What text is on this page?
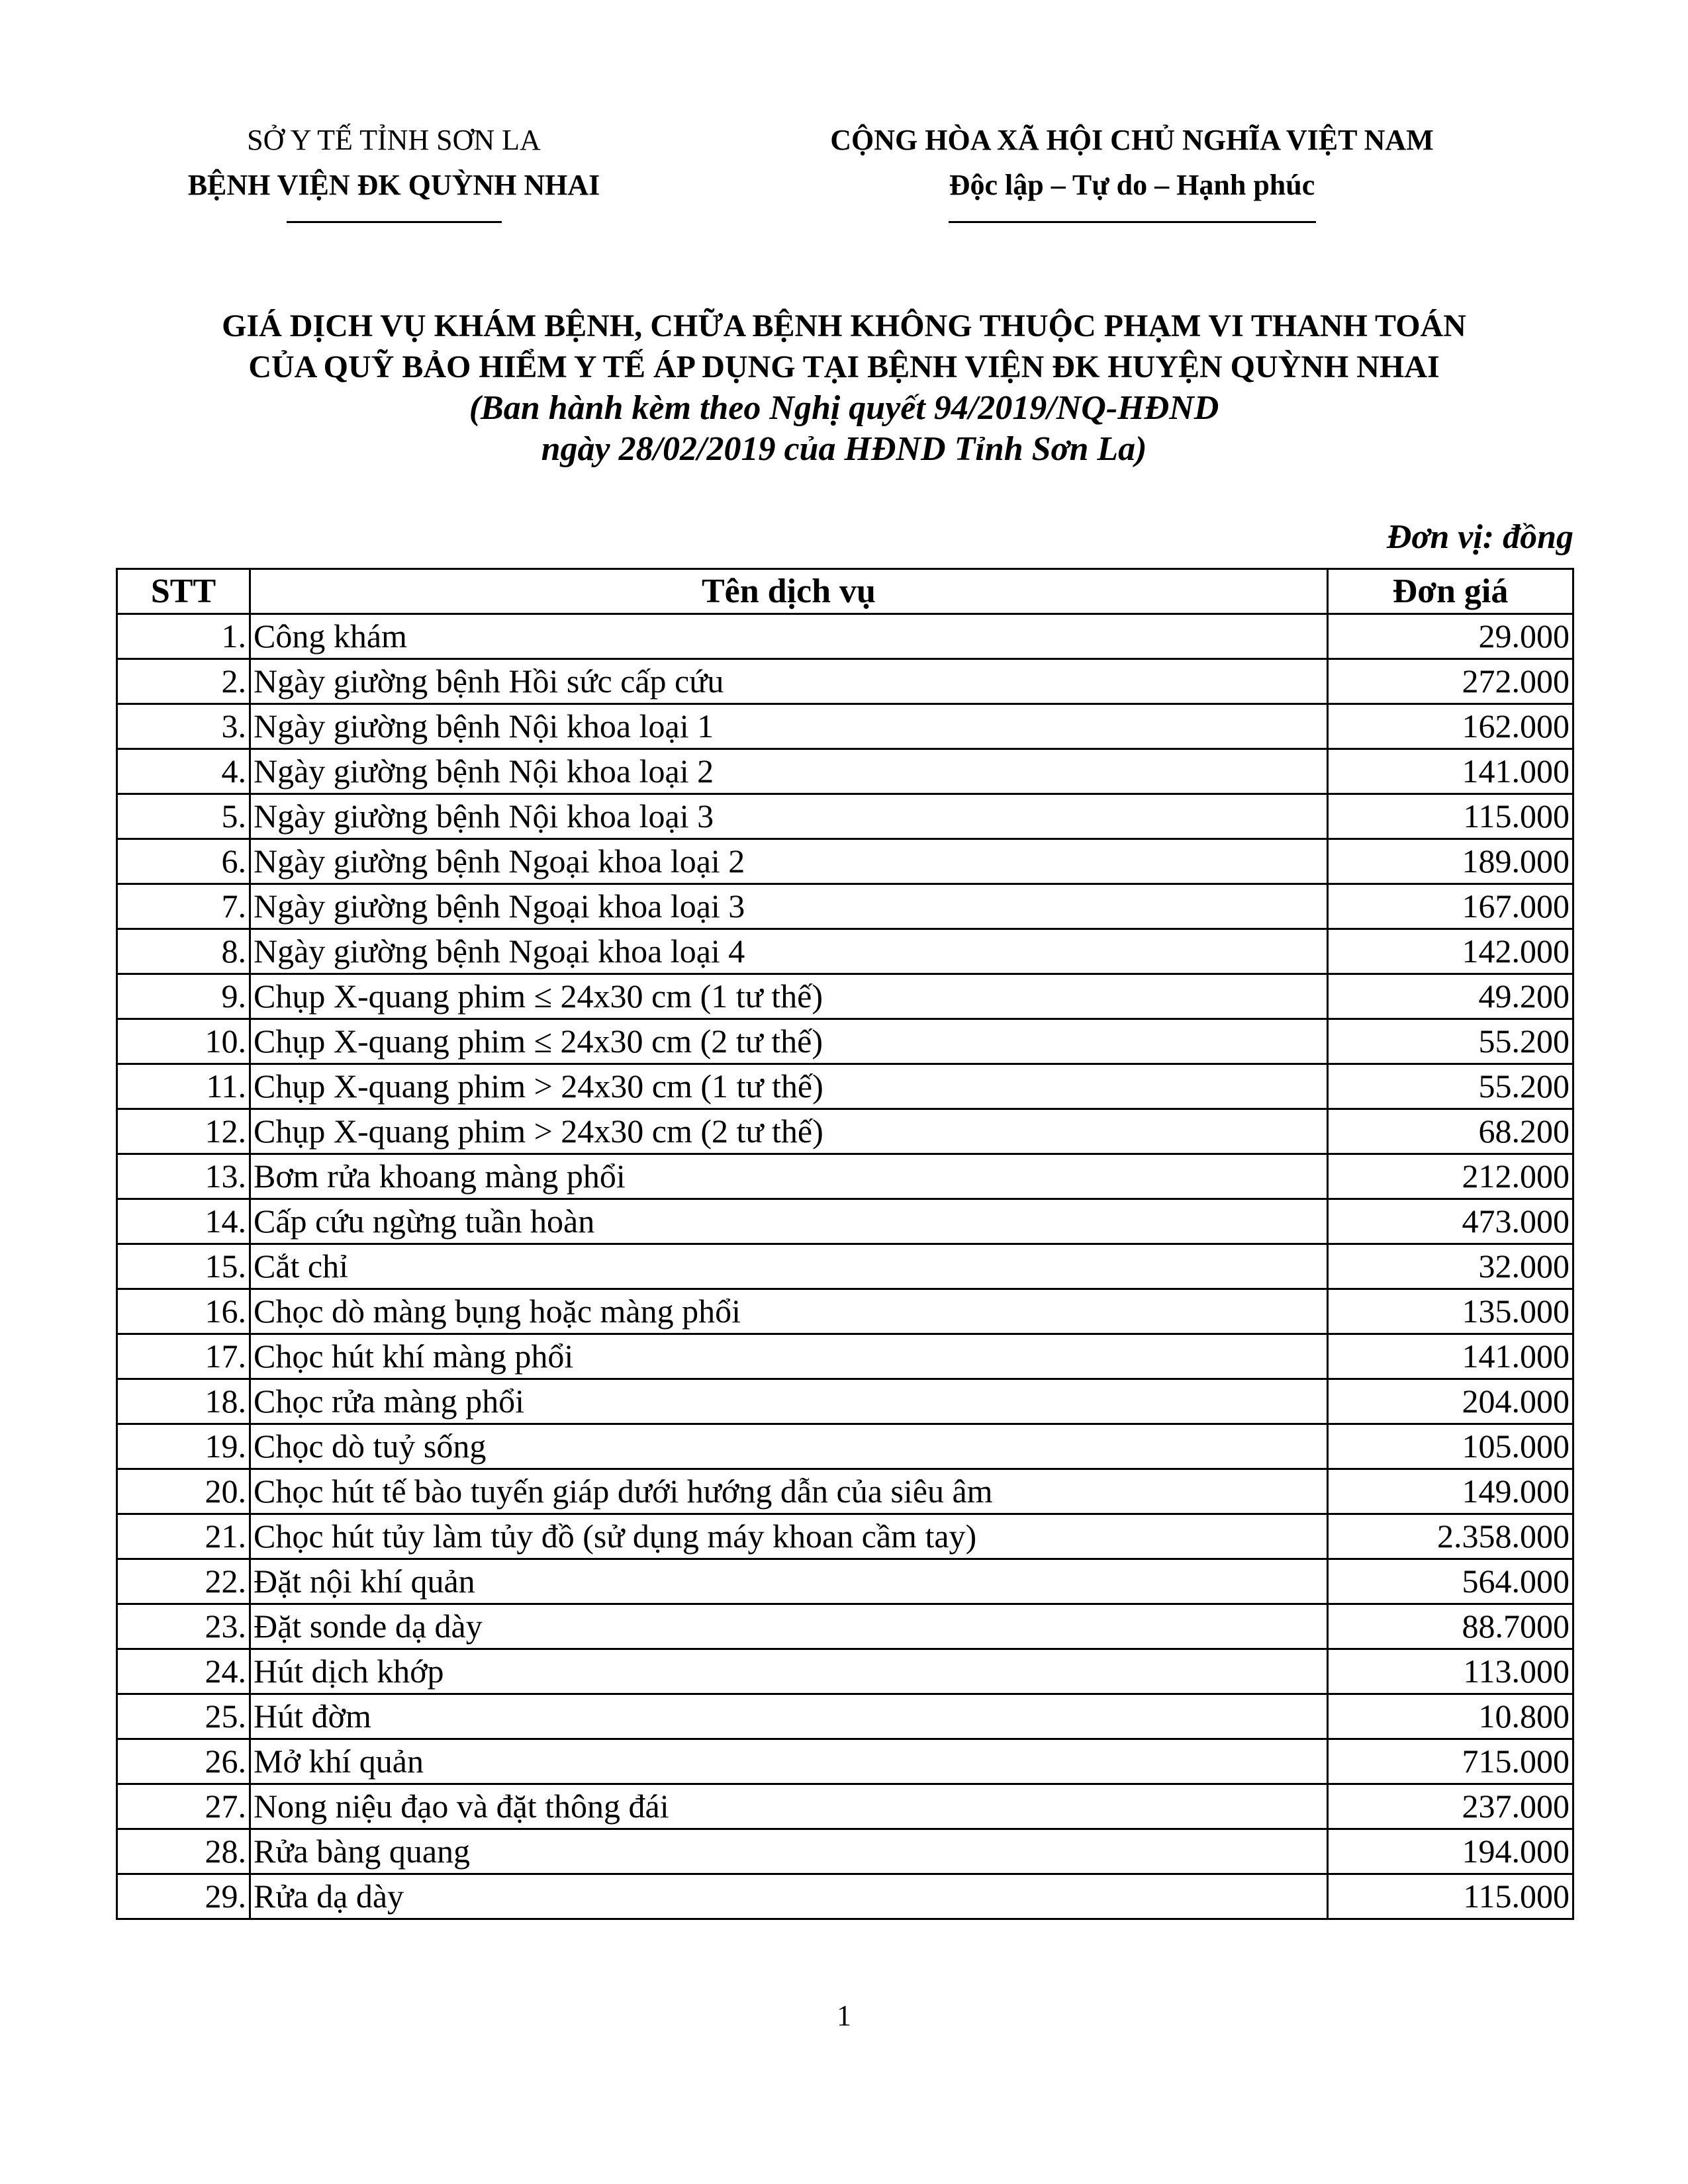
SỞ Y TẾ TỈNH SƠN LA
BỆNH VIỆN ĐK QUỲNH NHAI
CỘNG HÒA XÃ HỘI CHỦ NGHĨA VIỆT NAM
Độc lập – Tự do – Hạnh phúc
GIÁ DỊCH VỤ KHÁM BỆNH, CHỮA BỆNH KHÔNG THUỘC PHẠM VI THANH TOÁN
CỦA QUỸ BẢO HIỂM Y TẾ ÁP DỤNG TẠI BỆNH VIỆN ĐK HUYỆN QUỲNH NHAI
(Ban hành kèm theo Nghị quyết 94/2019/NQ-HĐND
ngày 28/02/2019 của HĐND Tỉnh Sơn La)
Đơn vị: đồng
STT	Tên dịch vụ	Đơn giá
1.	Công khám	29.000
2.	Ngày giường bệnh Hồi sức cấp cứu	272.000
3.	Ngày giường bệnh Nội khoa loại 1	162.000
4.	Ngày giường bệnh Nội khoa loại 2	141.000
5.	Ngày giường bệnh Nội khoa loại 3	115.000
6.	Ngày giường bệnh Ngoại khoa loại 2	189.000
7.	Ngày giường bệnh Ngoại khoa loại 3	167.000
8.	Ngày giường bệnh Ngoại khoa loại 4	142.000
9.	Chụp X-quang phim ≤ 24x30 cm (1 tư thế)	49.200
10.	Chụp X-quang phim ≤ 24x30 cm (2 tư thế)	55.200
11.	Chụp X-quang phim > 24x30 cm (1 tư thế)	55.200
12.	Chụp X-quang phim > 24x30 cm (2 tư thế)	68.200
13.	Bơm rửa khoang màng phổi	212.000
14.	Cấp cứu ngừng tuần hoàn	473.000
15.	Cắt chỉ	32.000
16.	Chọc dò màng bụng hoặc màng phổi	135.000
17.	Chọc hút khí màng phổi	141.000
18.	Chọc rửa màng phổi	204.000
19.	Chọc dò tuỷ sống	105.000
20.	Chọc hút tế bào tuyến giáp dưới hướng dẫn của siêu âm	149.000
21.	Chọc hút tủy làm tủy đồ (sử dụng máy khoan cầm tay)	2.358.000
22.	Đặt nội khí quản	564.000
23.	Đặt sonde dạ dày	88.7000
24.	Hút dịch khớp	113.000
25.	Hút đờm	10.800
26.	Mở khí quản	715.000
27.	Nong niệu đạo và đặt thông đái	237.000
28.	Rửa bàng quang	194.000
29.	Rửa dạ dày	115.000
1
